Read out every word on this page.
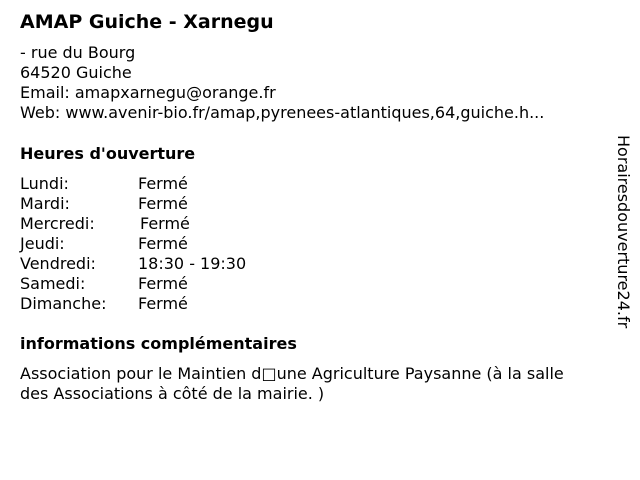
AMAP Guiche - Xarnegu
- rue du Bourg
64520 Guiche
Email: amapxarnegu@orange.fr
Web: www.avenir-bio.fr/amap,pyrenees-atlantiques,64,guiche.h...
Heures d'ouverture
Lundi:	Fermé
Mardi:	Fermé
Mercredi:	Fermé
Jeudi:	Fermé
Vendredi:	18:30 - 19:30
Samedi:	Fermé
Dimanche: Fermé
informations complémentaires
Association pour le Maintien d□une Agriculture Paysanne (à la salle des Associations à côté de la mairie. )
Horairesdouverture24.fr
